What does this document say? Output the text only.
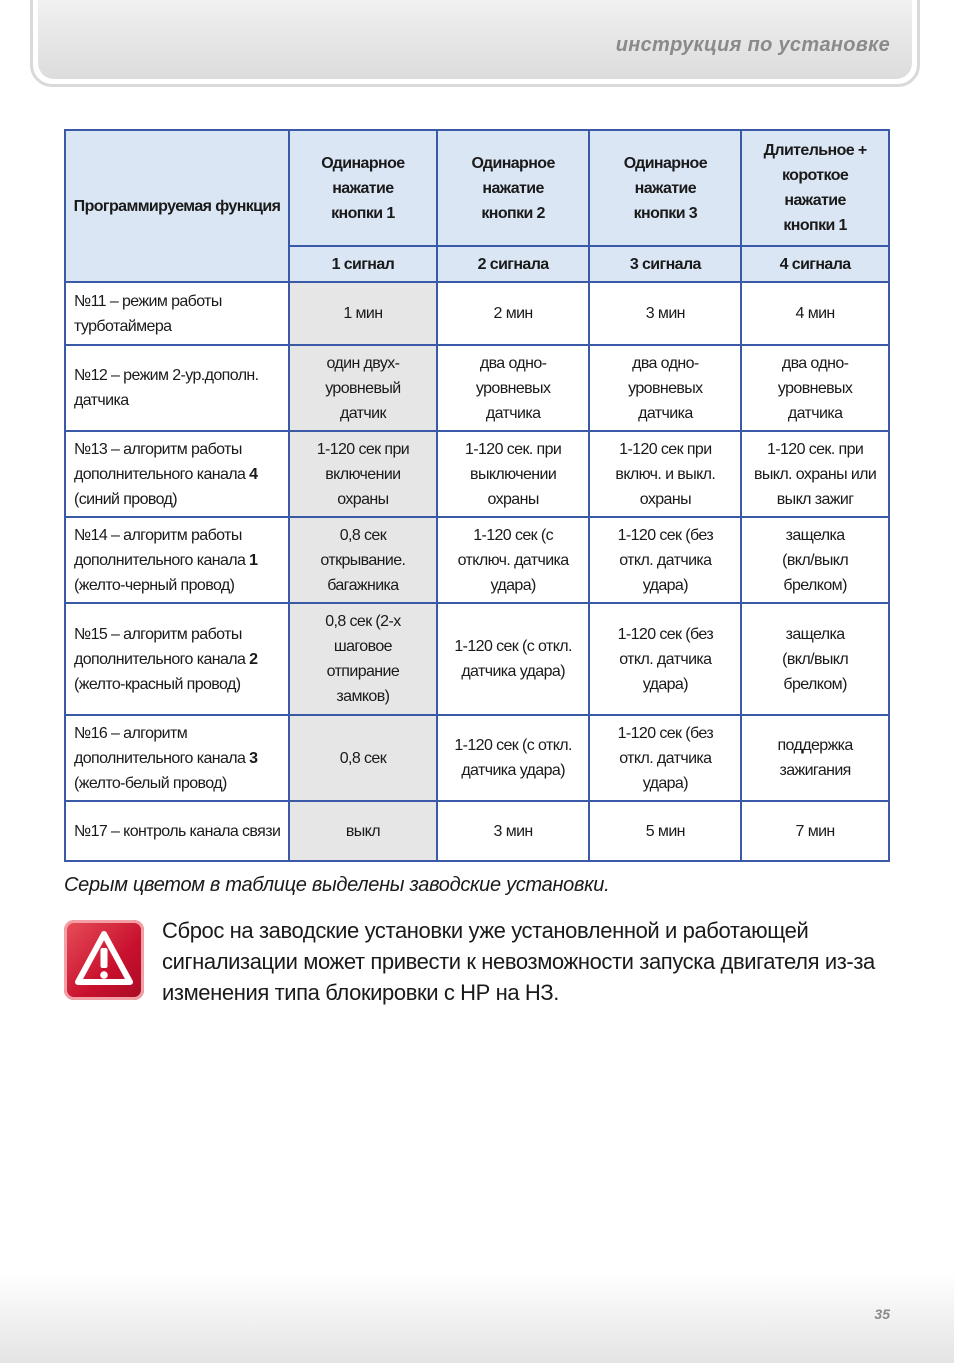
инструкция по установке
Программируемая функция	Одинарное нажатие кнопки 1	Одинарное нажатие кнопки 2	Одинарное нажатие кнопки 3	Длительное + короткое нажатие кнопки 1
	1 сигнал	2 сигнала	3 сигнала	4 сигнала
№11 – режим работы турботаймера	1 мин	2 мин	3 мин	4 мин
№12 – режим 2-ур.дополн. датчика	один двух-уровневый датчик	два одно-уровневых датчика	два одно-уровневых датчика	два одно-уровневых датчика
№13 – алгоритм работы дополнительного канала 4 (синий провод)	1-120 сек при включении охраны	1-120 сек. при выключении охраны	1-120 сек при включ. и выкл. охраны	1-120 сек. при выкл. охраны или выкл зажиг
№14 – алгоритм работы дополнительного канала 1 (желто-черный провод)	0,8 сек открывание. багажника	1-120 сек (с отключ. датчика удара)	1-120 сек (без откл. датчика удара)	защелка (вкл/выкл брелком)
№15 – алгоритм работы дополнительного канала 2 (желто-красный провод)	0,8 сек (2-х шаговое отпирание замков)	1-120 сек (с откл. датчика удара)	1-120 сек (без откл. датчика удара)	защелка (вкл/выкл брелком)
№16 – алгоритм дополнительного канала 3 (желто-белый провод)	0,8 сек	1-120 сек (с откл. датчика удара)	1-120 сек (без откл. датчика удара)	поддержка зажигания
№17 – контроль канала связи	выкл	3 мин	5 мин	7 мин
Серым цветом в таблице выделены заводские установки.
Сброс на заводские установки уже установленной и работающей сигнализации может привести к невозможности запуска двигателя из-за изменения типа блокировки с НР на НЗ.
35
